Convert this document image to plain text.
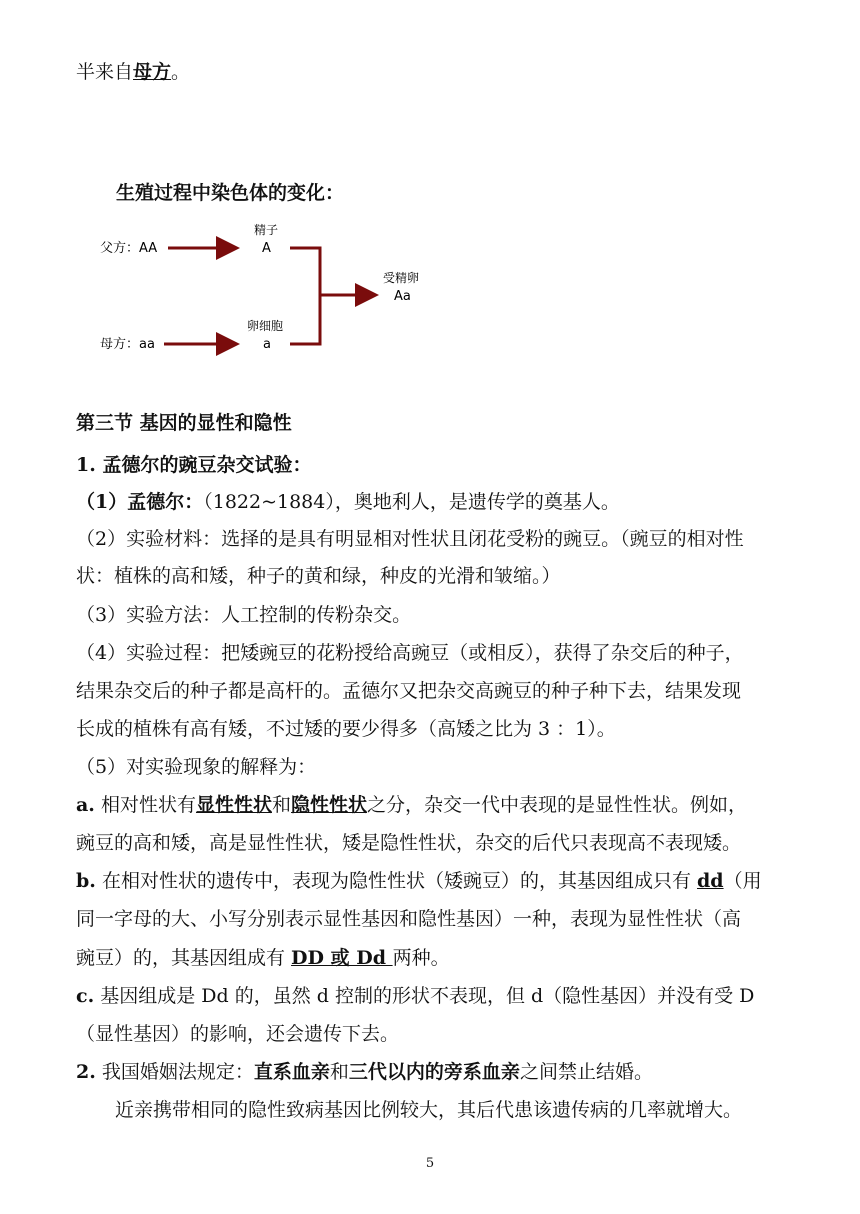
半来自母方。
生殖过程中染色体的变化：
父方：AA
精子
A
母方：aa
卵细胞
a
受精卵
Aa
第三节 基因的显性和隐性
1. 孟德尔的豌豆杂交试验：
（1）孟德尔：（1822~1884），奥地利人，是遗传学的奠基人。
（2）实验材料：选择的是具有明显相对性状且闭花受粉的豌豆。（豌豆的相对性
状：植株的高和矮，种子的黄和绿，种皮的光滑和皱缩。）
（3）实验方法：人工控制的传粉杂交。
（4）实验过程：把矮豌豆的花粉授给高豌豆（或相反），获得了杂交后的种子，
结果杂交后的种子都是高杆的。孟德尔又把杂交高豌豆的种子种下去，结果发现
长成的植株有高有矮，不过矮的要少得多（高矮之比为 3 ：1）。
（5）对实验现象的解释为：
a. 相对性状有显性性状和隐性性状之分，杂交一代中表现的是显性性状。例如，
豌豆的高和矮，高是显性性状，矮是隐性性状，杂交的后代只表现高不表现矮。
b. 在相对性状的遗传中，表现为隐性性状（矮豌豆）的，其基因组成只有 dd（用
同一字母的大、小写分别表示显性基因和隐性基因）一种，表现为显性性状（高
豌豆）的，其基因组成有 DD 或 Dd 两种。
c. 基因组成是 Dd 的，虽然 d 控制的形状不表现，但 d（隐性基因）并没有受 D
（显性基因）的影响，还会遗传下去。
2. 我国婚姻法规定：直系血亲和三代以内的旁系血亲之间禁止结婚。
近亲携带相同的隐性致病基因比例较大，其后代患该遗传病的几率就增大。
5
